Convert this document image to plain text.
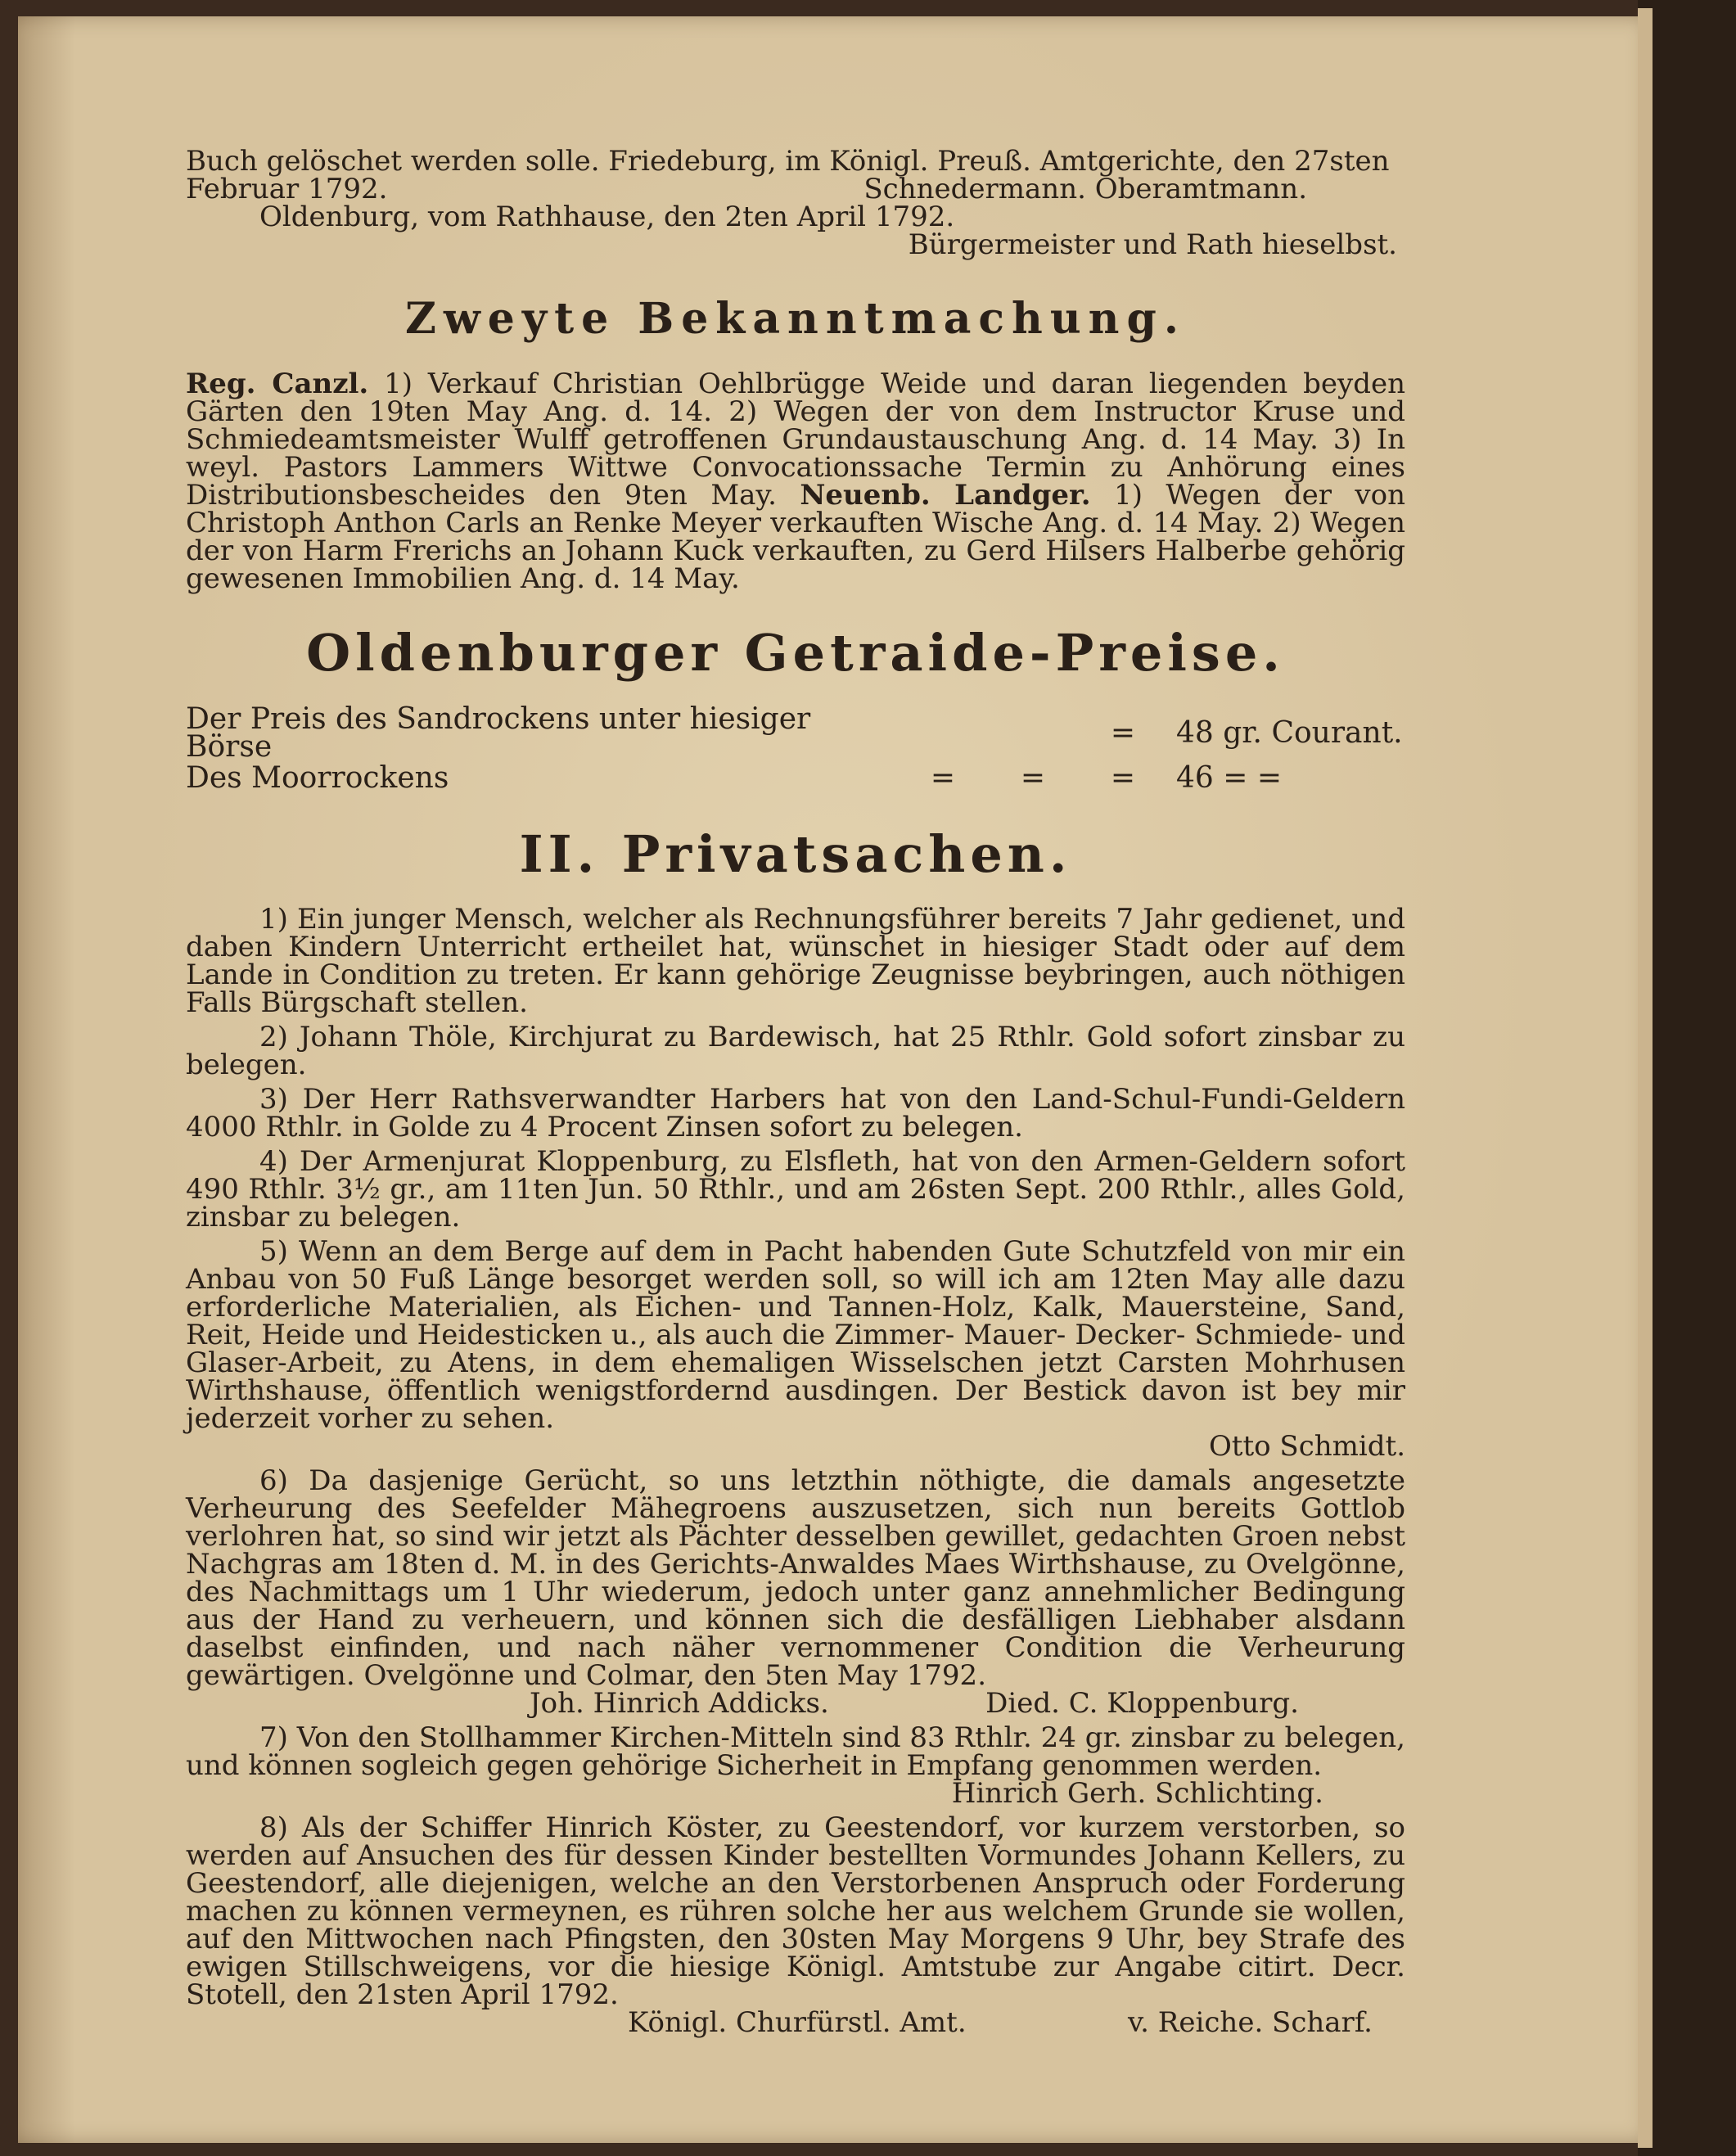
Buch gelöschet werden solle. Friedeburg, im Königl. Preuß. Amtgerichte, den 27sten
Februar 1792.	Schnedermann. Oberamtmann.
Oldenburg, vom Rathhause, den 2ten April 1792.
Bürgermeister und Rath hieselbst.
Zweyte Bekanntmachung.

Reg. Canzl. 1) Verkauf Christian Oehlbrügge Weide und daran liegenden beyden Gärten den 19ten May Ang. d. 14. 2) Wegen der von dem Instructor Kruse und Schmiedeamtsmeister Wulff getroffenen Grundaustauschung Ang. d. 14 May. 3) In weyl. Pastors Lammers Wittwe Convocationssache Termin zu Anhörung eines Distributionsbescheides den 9ten May. Neuenb. Landger. 1) Wegen der von Christoph Anthon Carls an Renke Meyer verkauften Wische Ang. d. 14 May. 2) Wegen der von Harm Frerichs an Johann Kuck verkauften, zu Gerd Hilsers Halberbe gehörig gewesenen Immobilien Ang. d. 14 May.

Oldenburger Getraide-Preise.
Der Preis des Sandrockens unter hiesiger Börse			=	48 gr. Courant.
Des Moorrockens	=	=	=	46 = =
II. Privatsachen.

1) Ein junger Mensch, welcher als Rechnungsführer bereits 7 Jahr gedienet, und daben Kindern Unterricht ertheilet hat, wünschet in hiesiger Stadt oder auf dem Lande in Condition zu treten. Er kann gehörige Zeugnisse beybringen, auch nöthigen Falls Bürgschaft stellen.

2) Johann Thöle, Kirchjurat zu Bardewisch, hat 25 Rthlr. Gold sofort zinsbar zu belegen.

3) Der Herr Rathsverwandter Harbers hat von den Land-Schul-Fundi-Geldern 4000 Rthlr. in Golde zu 4 Procent Zinsen sofort zu belegen.

4) Der Armenjurat Kloppenburg, zu Elsfleth, hat von den Armen-Geldern sofort 490 Rthlr. 3½ gr., am 11ten Jun. 50 Rthlr., und am 26sten Sept. 200 Rthlr., alles Gold, zinsbar zu belegen.

5) Wenn an dem Berge auf dem in Pacht habenden Gute Schutzfeld von mir ein Anbau von 50 Fuß Länge besorget werden soll, so will ich am 12ten May alle dazu erforderliche Materialien, als Eichen- und Tannen-Holz, Kalk, Mauersteine, Sand, Reit, Heide und Heidesticken u., als auch die Zimmer- Mauer- Decker- Schmiede- und Glaser-Arbeit, zu Atens, in dem ehemaligen Wisselschen jetzt Carsten Mohrhusen Wirthshause, öffentlich wenigstfordernd ausdingen. Der Bestick davon ist bey mir jederzeit vorher zu sehen.

Otto Schmidt.

6) Da dasjenige Gerücht, so uns letzthin nöthigte, die damals angesetzte Verheurung des Seefelder Mähegroens auszusetzen, sich nun bereits Gottlob verlohren hat, so sind wir jetzt als Pächter desselben gewillet, gedachten Groen nebst Nachgras am 18ten d. M. in des Gerichts-Anwaldes Maes Wirthshause, zu Ovelgönne, des Nachmittags um 1 Uhr wiederum, jedoch unter ganz annehmlicher Bedingung aus der Hand zu verheuern, und können sich die desfälligen Liebhaber alsdann daselbst einfinden, und nach näher vernommener Condition die Verheurung gewärtigen. Ovelgönne und Colmar, den 5ten May 1792.

Joh. Hinrich Addicks.	Died. C. Kloppenburg.

7) Von den Stollhammer Kirchen-Mitteln sind 83 Rthlr. 24 gr. zinsbar zu belegen, und können sogleich gegen gehörige Sicherheit in Empfang genommen werden.

Hinrich Gerh. Schlichting.

8) Als der Schiffer Hinrich Köster, zu Geestendorf, vor kurzem verstorben, so werden auf Ansuchen des für dessen Kinder bestellten Vormundes Johann Kellers, zu Geestendorf, alle diejenigen, welche an den Verstorbenen Anspruch oder Forderung machen zu können vermeynen, es rühren solche her aus welchem Grunde sie wollen, auf den Mittwochen nach Pfingsten, den 30sten May Morgens 9 Uhr, bey Strafe des ewigen Stillschweigens, vor die hiesige Königl. Amtstube zur Angabe citirt. Decr. Stotell, den 21sten April 1792.

Königl. Churfürstl. Amt.	v. Reiche. Scharf.
